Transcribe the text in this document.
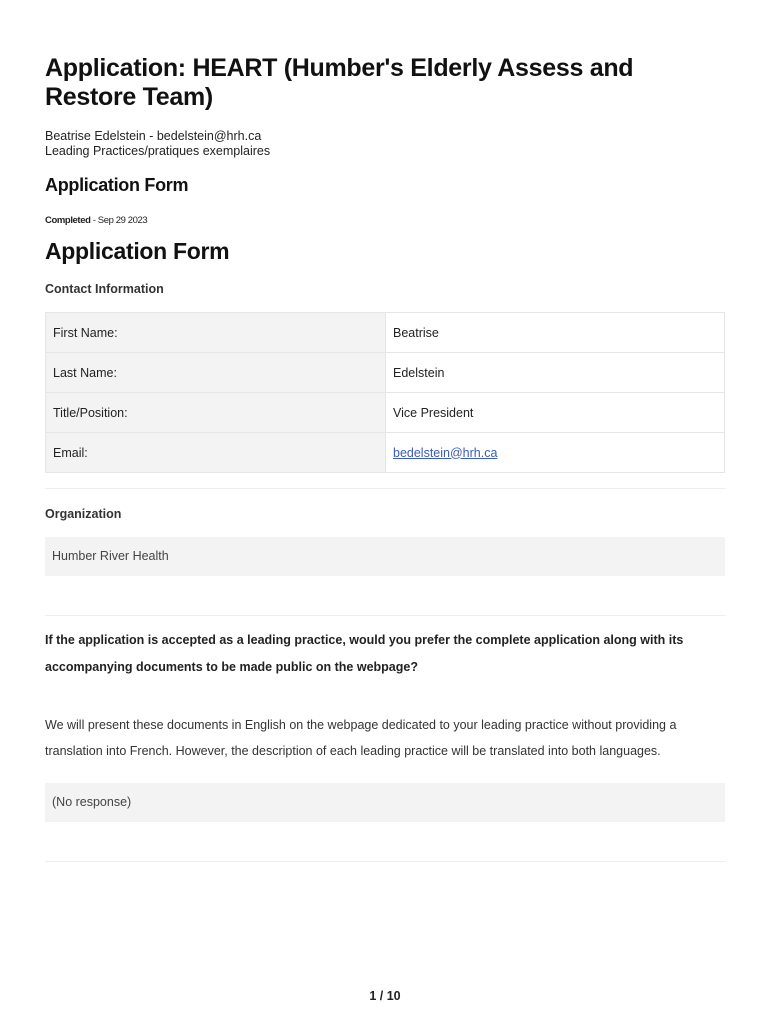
Application: HEART (Humber's Elderly Assess and Restore Team)
Beatrise Edelstein - bedelstein@hrh.ca
Leading Practices/pratiques exemplaires
Application Form
Completed - Sep 29 2023
Application Form
Contact Information
First Name:	Beatrise
Last Name:	Edelstein
Title/Position:	Vice President
Email:	bedelstein@hrh.ca
Organization
Humber River Health
If the application is accepted as a leading practice, would you prefer the complete application along with its
accompanying documents to be made public on the webpage?
We will present these documents in English on the webpage dedicated to your leading practice without providing a
translation into French. However, the description of each leading practice will be translated into both languages.
(No response)
1 / 10
